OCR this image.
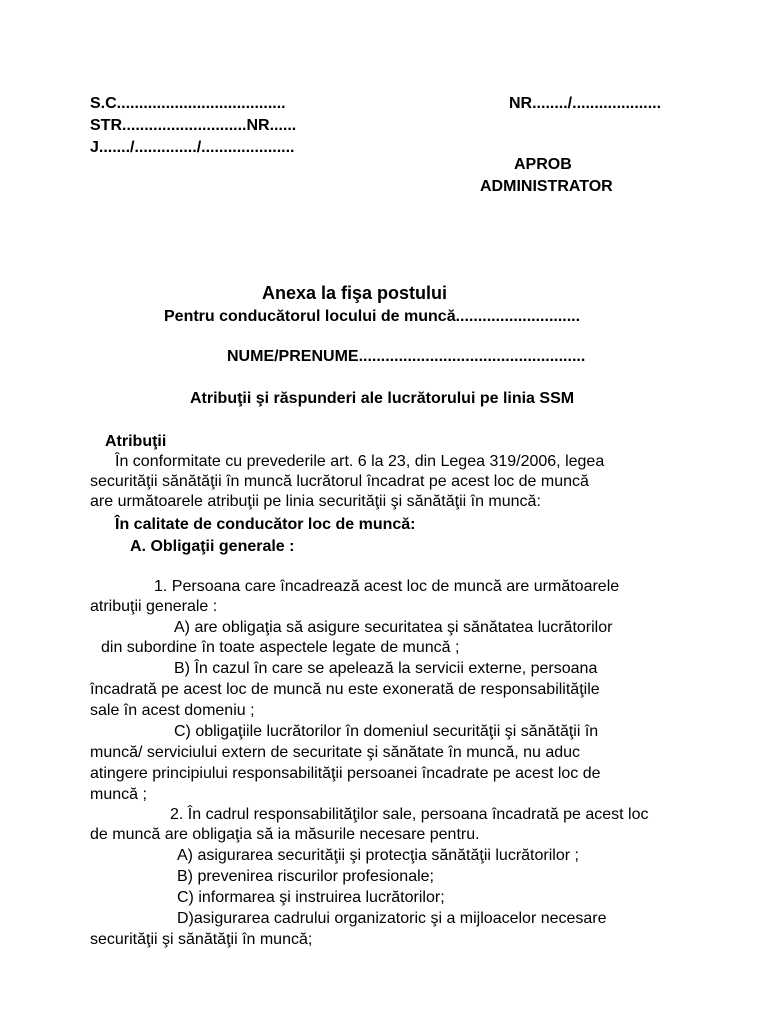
S.C......................................
STR............................NR......
J......./............../.....................
NR......../....................
APROB
ADMINISTRATOR
Anexa la fişa postului
Pentru conducătorul locului de muncă............................
NUME/PRENUME...................................................
Atribuţii şi răspunderi ale lucrătorului pe linia SSM
Atribuţii
În conformitate cu prevederile art. 6 la 23, din Legea 319/2006, legea
securităţii sănătăţii în muncă lucrătorul încadrat pe acest loc de muncă
are următoarele atribuţii pe linia securităţii şi sănătăţii în muncă:
În calitate de conducător loc de muncă:
A. Obligaţii generale :
1. Persoana care încadrează acest loc de muncă are următoarele
atribuţii generale :
A) are obligaţia să asigure securitatea şi sănătatea lucrătorilor
din subordine în toate aspectele legate de muncă ;
B) În cazul în care se apelează la servicii externe, persoana
încadrată pe acest loc de muncă nu este exonerată de responsabilităţile
sale în acest domeniu ;
C) obligaţiile lucrătorilor în domeniul securităţii şi sănătăţii în
muncă/ serviciului extern de securitate şi sănătate în muncă, nu aduc
atingere principiului responsabilităţii persoanei încadrate pe acest loc de
muncă ;
2. În cadrul responsabilităţilor sale, persoana încadrată pe acest loc
de muncă are obligaţia să ia măsurile necesare pentru.
A) asigurarea securităţii şi protecţia sănătăţii lucrătorilor ;
B) prevenirea riscurilor profesionale;
C) informarea şi instruirea lucrătorilor;
D)asigurarea cadrului organizatoric şi a mijloacelor necesare
securităţii şi sănătăţii în muncă;
